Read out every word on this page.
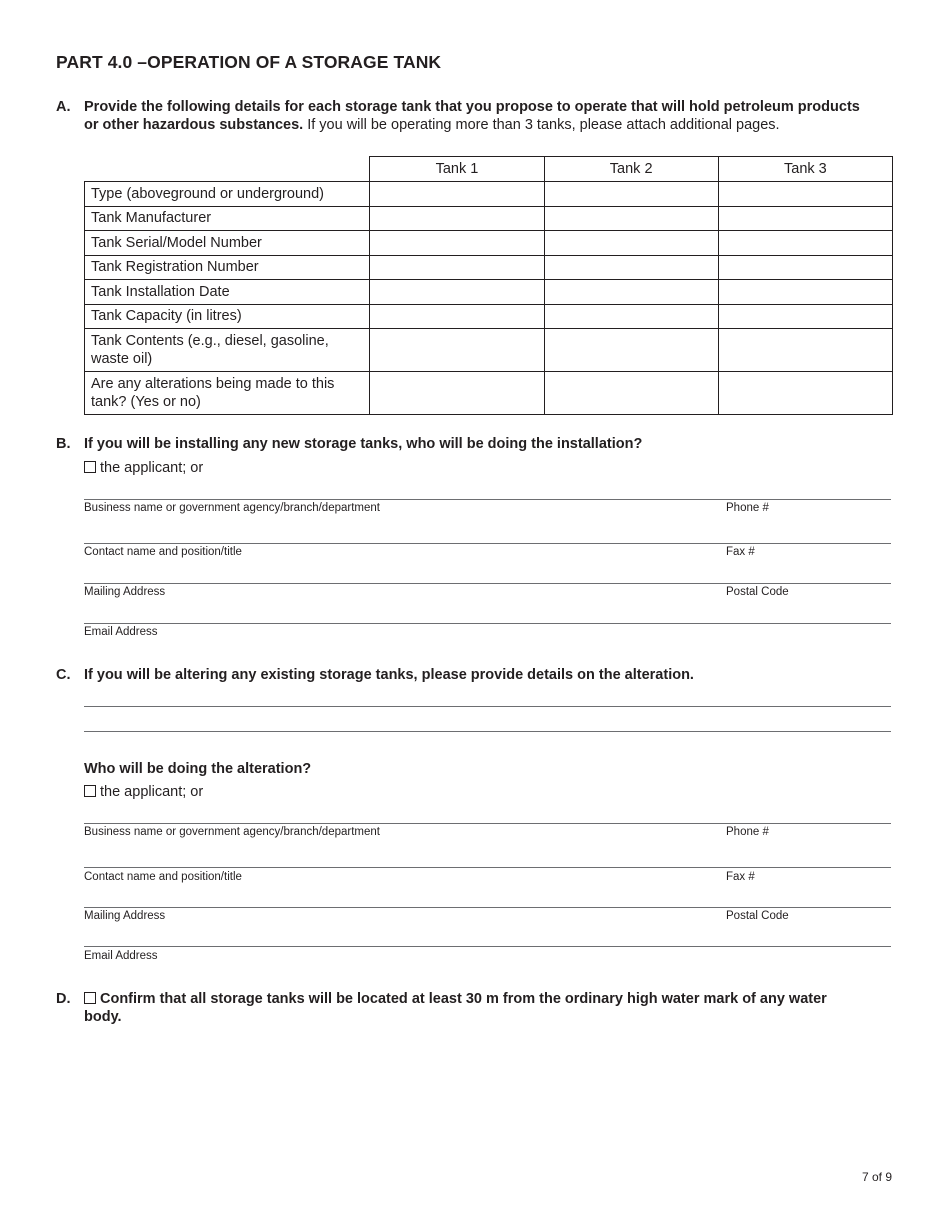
PART 4.0 –OPERATION OF A STORAGE TANK
A. Provide the following details for each storage tank that you propose to operate that will hold petroleum products or other hazardous substances. If you will be operating more than 3 tanks, please attach additional pages.
	Tank 1	Tank 2	Tank 3
Type (aboveground or underground)			
Tank Manufacturer			
Tank Serial/Model Number			
Tank Registration Number			
Tank Installation Date			
Tank Capacity (in litres)			
Tank Contents (e.g., diesel, gasoline, waste oil)			
Are any alterations being made to this tank? (Yes or no)			
B. If you will be installing any new storage tanks, who will be doing the installation?
the applicant; or
Business name or government agency/branch/department	Phone #
Contact name and position/title	Fax #
Mailing Address	Postal Code
Email Address
C. If you will be altering any existing storage tanks, please provide details on the alteration.
Who will be doing the alteration?
the applicant; or
Business name or government agency/branch/department	Phone #
Contact name and position/title	Fax #
Mailing Address	Postal Code
Email Address
D.	Confirm that all storage tanks will be located at least 30 m from the ordinary high water mark of any water body.
7 of 9
